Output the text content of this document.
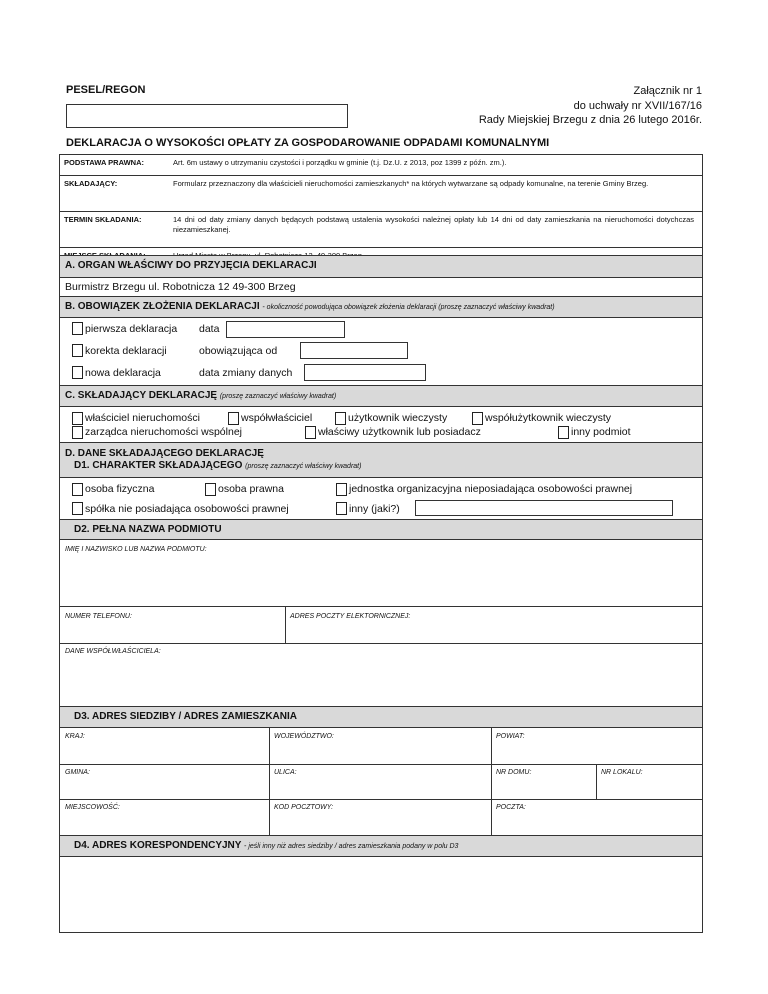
PESEL/REGON	Załącznik nr 1
do uchwały nr XVII/167/16
Rady Miejskiej Brzegu z dnia 26 lutego 2016r.
DEKLARACJA O WYSOKOŚCI OPŁATY ZA GOSPODAROWANIE ODPADAMI KOMUNALNYMI
PODSTAWA PRAWNA:	Art. 6m ustawy o utrzymaniu czystości i porządku w gminie (t.j. Dz.U. z 2013, poz 1399 z późn. zm.).
SKŁADAJĄCY:	Formularz przeznaczony dla właścicieli nieruchomości zamieszkanych* na których wytwarzane są odpady komunalne, na terenie Gminy Brzeg.
TERMIN SKŁADANIA:	14 dni od daty zmiany danych będących podstawą ustalenia wysokości należnej opłaty lub 14 dni od daty zamieszkania na nieruchomości dotychczas niezamieszkanej.
A. ORGAN WŁAŚCIWY DO PRZYJĘCIA DEKLARACJI
Burmistrz Brzegu ul. Robotnicza 12 49-300 Brzeg
B. OBOWIĄZEK ZŁOŻENIA DEKLARACJI - okoliczność powodująca obowiązek złożenia deklaracji (proszę zaznaczyć właściwy kwadrat)
pierwsza deklaracja data
korekta deklaracji	obowiązująca od
nowa deklaracja	data zmiany danych
C. SKŁADAJĄCY DEKLARACJĘ (proszę zaznaczyć właściwy kwadrat)
właściciel nieruchomości	współwłaściciel	użytkownik wieczysty	współużytkownik wieczysty
zarządca nieruchomości wspólnej	właściwy użytkownik lub posiadacz	inny podmiot
D. DANE SKŁADAJĄCEGO DEKLARACJĘ
D1. CHARAKTER SKŁADAJĄCEGO (proszę zaznaczyć właściwy kwadrat)
osoba fizyczna	osoba prawna	jednostka organizacyjna nieposiadająca osobowości prawnej
spółka nie posiadająca osobowości prawnej	inny (jaki?)
D2. PEŁNA NAZWA PODMIOTU
IMIĘ I NAZWISKO LUB NAZWA PODMIOTU:
NUMER TELEFONU:	ADRES POCZTY ELEKTORNICZNEJ:
DANE WSPÓŁWŁAŚCICIELA:
D3. ADRES SIEDZIBY / ADRES ZAMIESZKANIA
KRAJ:	WOJEWÓDZTWO:	POWIAT:
GMINA:	ULICA:	NR DOMU:	NR LOKALU:
MIEJSCOWOŚĆ:	KOD POCZTOWY:	POCZTA:
D4. ADRES KORESPONDENCYJNY - jeśli inny niż adres siedziby / adres zamieszkania podany w polu D3
